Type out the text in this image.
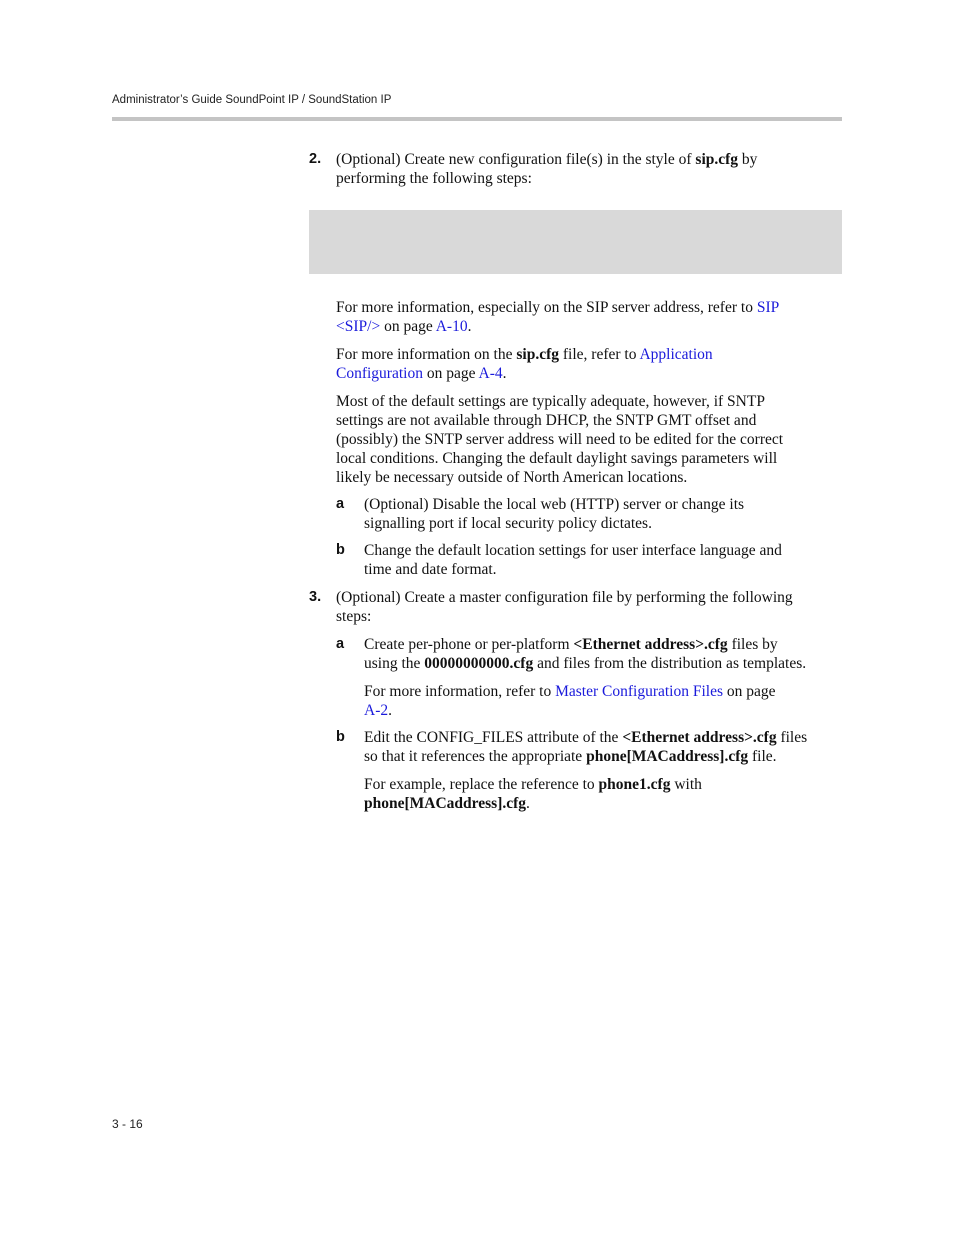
Administrator’s Guide SoundPoint IP / SoundStation IP
2. (Optional) Create new configuration file(s) in the style of sip.cfg by
performing the following steps:
For more information, especially on the SIP server address, refer to SIP
<SIP/> on page A-10.
For more information on the sip.cfg file, refer to Application
Configuration on page A-4.
Most of the default settings are typically adequate, however, if SNTP
settings are not available through DHCP, the SNTP GMT offset and
(possibly) the SNTP server address will need to be edited for the correct
local conditions. Changing the default daylight savings parameters will
likely be necessary outside of North American locations.
a (Optional) Disable the local web (HTTP) server or change its
signalling port if local security policy dictates.
b Change the default location settings for user interface language and
time and date format.
3. (Optional) Create a master configuration file by performing the following
steps:
a Create per-phone or per-platform <Ethernet address>.cfg files by
using the 00000000000.cfg and files from the distribution as templates.
For more information, refer to Master Configuration Files on page
A-2.
b Edit the CONFIG_FILES attribute of the <Ethernet address>.cfg files
so that it references the appropriate phone[MACaddress].cfg file.
For example, replace the reference to phone1.cfg with
phone[MACaddress].cfg.
3 - 16
